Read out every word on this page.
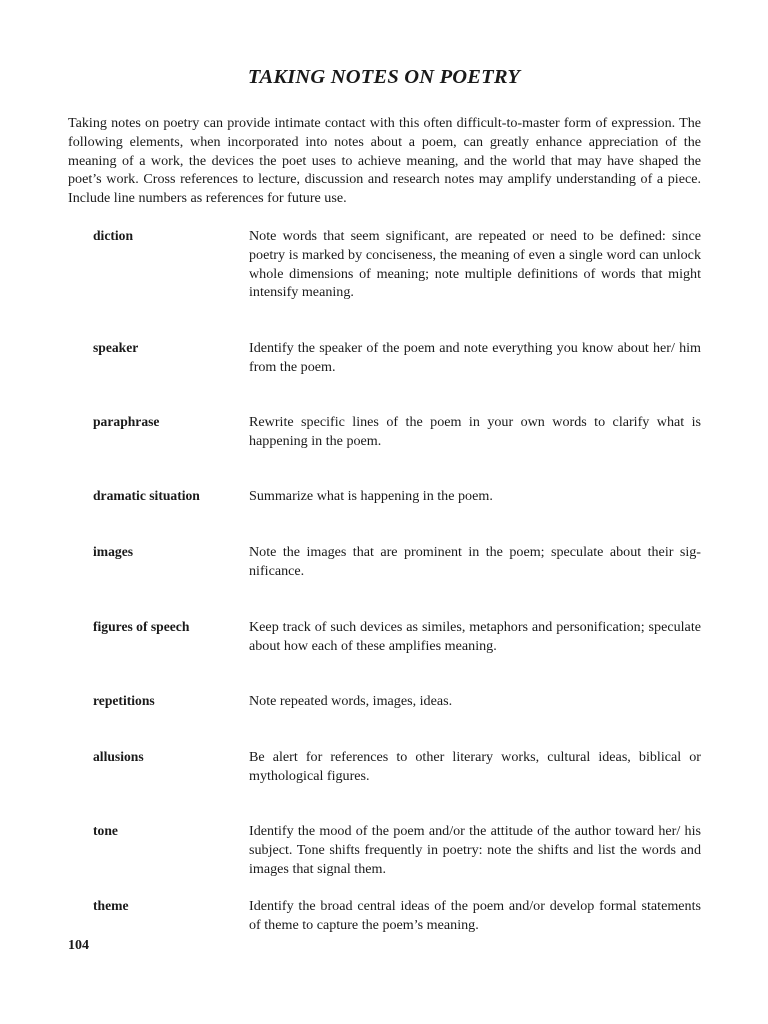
TAKING NOTES ON POETRY

Taking notes on poetry can provide intimate contact with this often difficult-to-master form of expression. The following elements, when incorporated into notes about a poem, can greatly enhance appreciation of the meaning of a work, the devices the poet uses to achieve meaning, and the world that may have shaped the poet’s work. Cross references to lecture, discussion and research notes may amplify understanding of a piece. Include line numbers as references for future use.

diction	Note words that seem significant, are repeated or need to be defined: since poetry is marked by conciseness, the meaning of even a single word can unlock whole dimensions of meaning; note multiple definitions of words that might intensify meaning.

speaker	Identify the speaker of the poem and note everything you know about her/ him from the poem.

paraphrase	Rewrite specific lines of the poem in your own words to clarify what is happening in the poem.

dramatic situation	Summarize what is happening in the poem.

images	Note the images that are prominent in the poem; speculate about their significance.

figures of speech	Keep track of such devices as similes, metaphors and personification; speculate about how each of these amplifies meaning.

repetitions	Note repeated words, images, ideas.

allusions	Be alert for references to other literary works, cultural ideas, biblical or mythological figures.

tone	Identify the mood of the poem and/or the attitude of the author toward her/ his subject. Tone shifts frequently in poetry: note the shifts and list the words and images that signal them.

theme	Identify the broad central ideas of the poem and/or develop formal statements of theme to capture the poem’s meaning.

104
